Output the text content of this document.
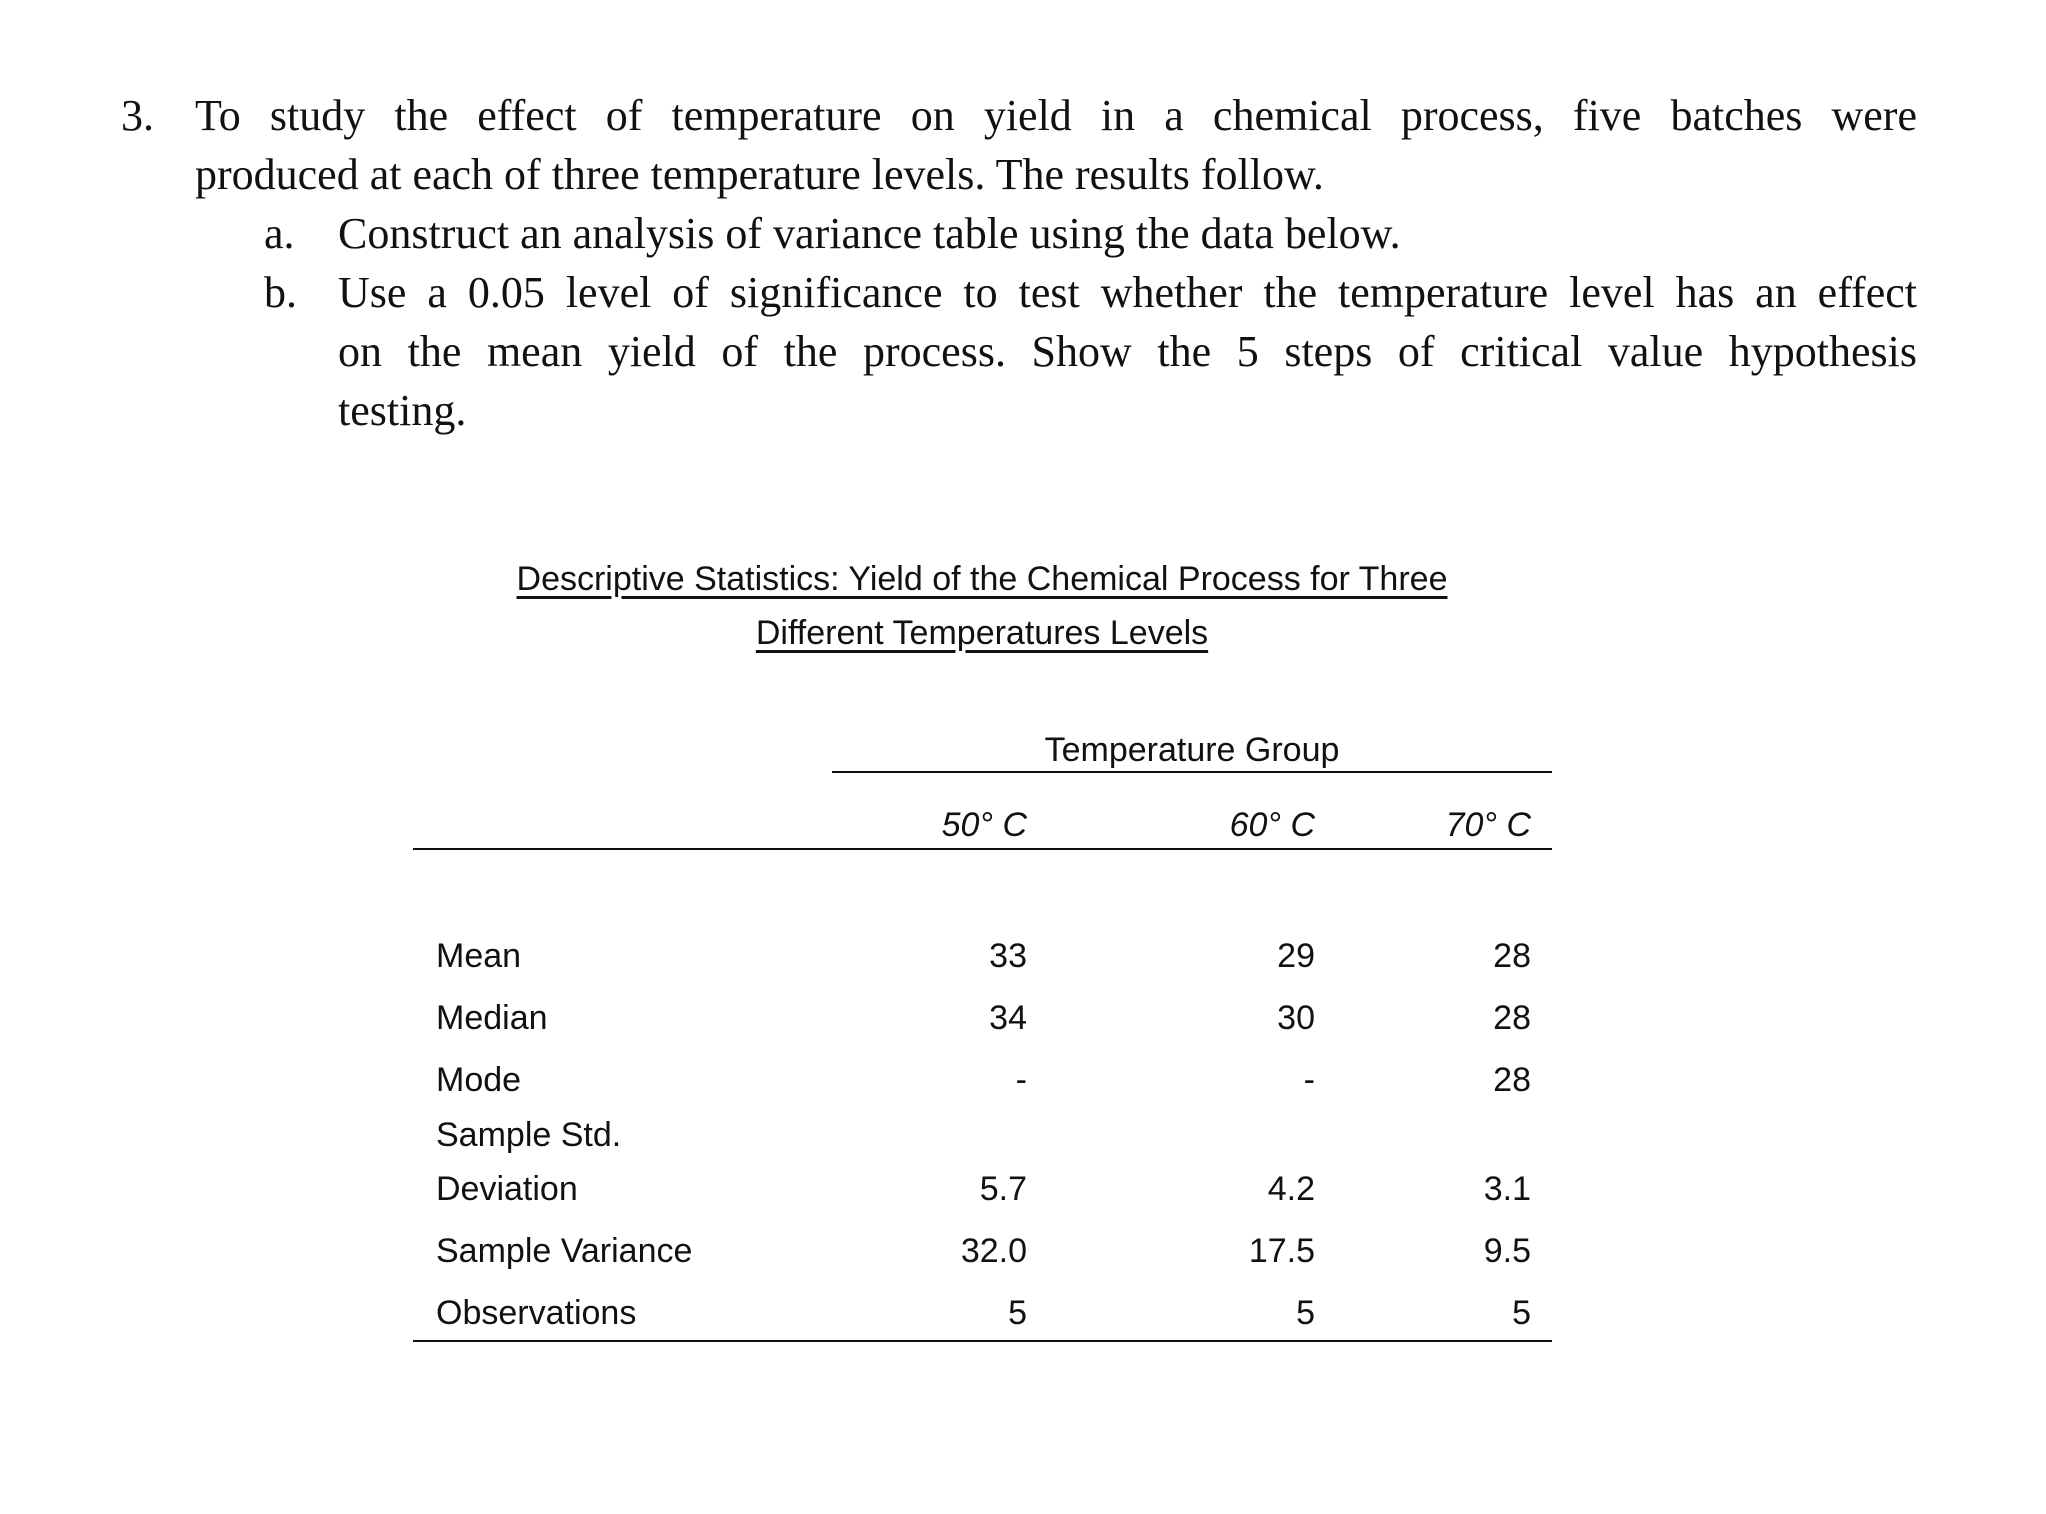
3. To study the effect of temperature on yield in a chemical process, five batches were
produced at each of three temperature levels. The results follow.
a. Construct an analysis of variance table using the data below.
b. Use a 0.05 level of significance to test whether the temperature level has an effect
on the mean yield of the process. Show the 5 steps of critical value hypothesis
testing.
Descriptive Statistics: Yield of the Chemical Process for Three
Different Temperatures Levels
Temperature Group
50° C	60° C	70° C
Mean	33	29	28
Median	34	30	28
Mode	-	-	28
Sample Std.
Deviation	5.7	4.2	3.1
Sample Variance	32.0	17.5	9.5
Observations	5	5	5
